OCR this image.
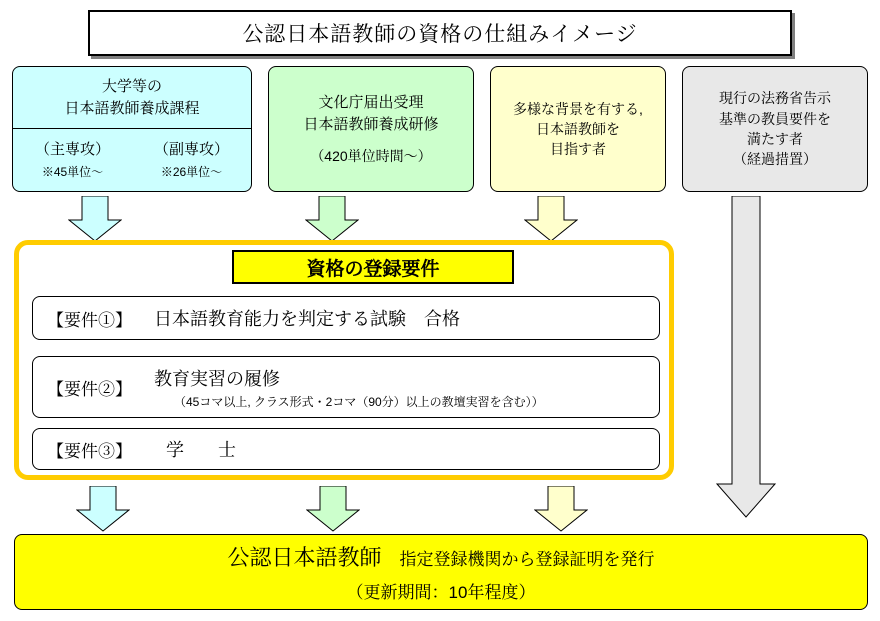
公認日本語教師の資格の仕組みイメージ
大学等の
日本語教師養成課程
（主専攻）
※45単位～
（副専攻）
※26単位～
文化庁届出受理
日本語教師養成研修
（420単位時間～）
多様な背景を有する,
日本語教師を
目指す者
現行の法務省告示
基準の教員要件を
満たす者
（経過措置）
資格の登録要件
【要件①】 日本語教育能力を判定する試験　合格
【要件②】
教育実習の履修
（45コマ以上, クラス形式・2コマ（90分）以上の教壇実習を含む））
【要件③】 学　士
公認日本語教師 指定登録機関から登録証明を発行
（更新期間：10年程度）
